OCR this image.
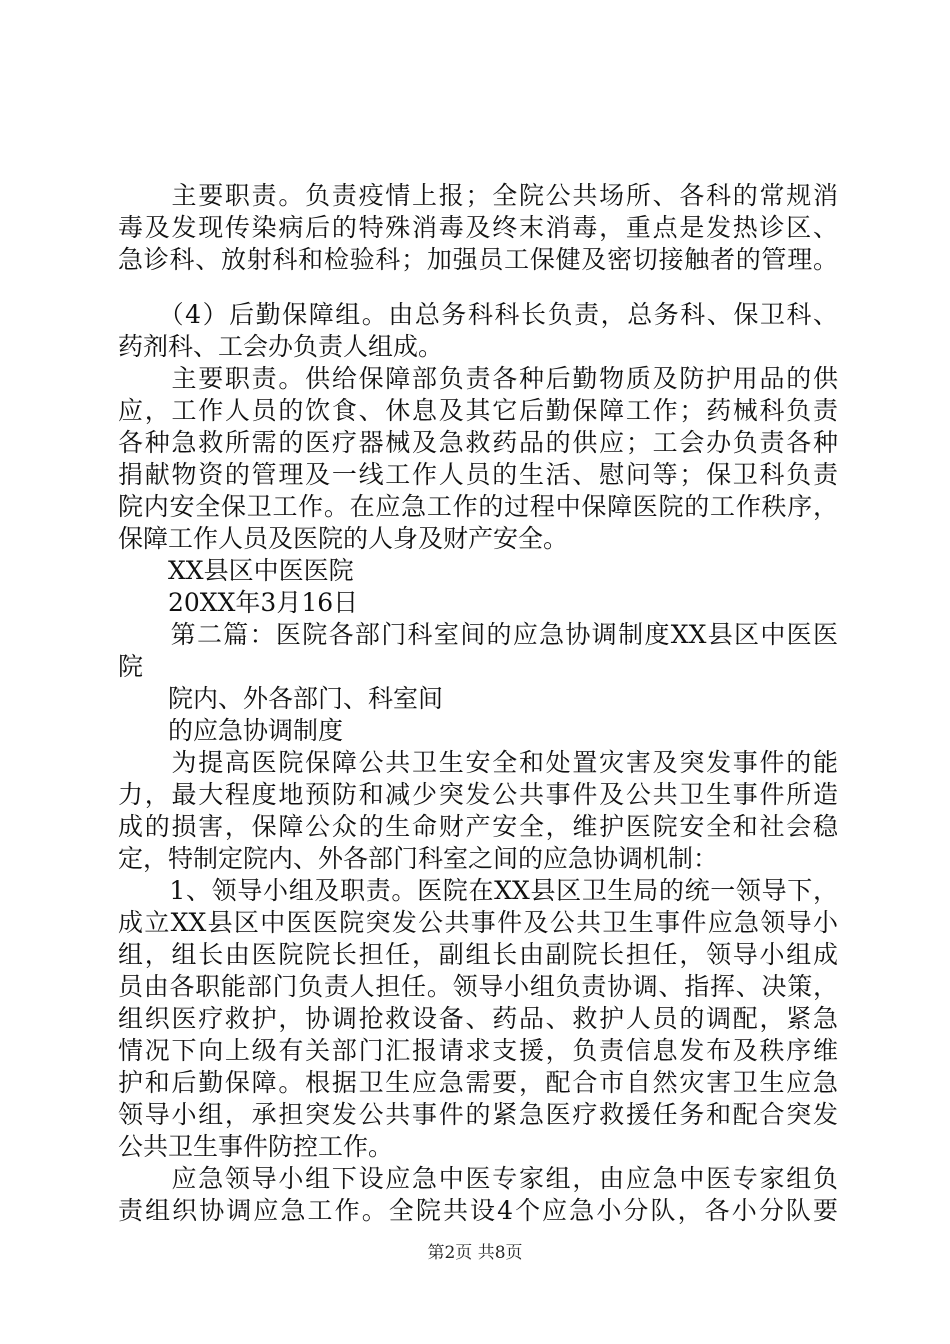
　　主要职责。负责疫情上报；全院公共场所、各科的常规消
毒及发现传染病后的特殊消毒及终末消毒，重点是发热诊区、
急诊科、放射科和检验科；加强员工保健及密切接触者的管理。
　　（4）后勤保障组。由总务科科长负责，总务科、保卫科、
药剂科、工会办负责人组成。
　　主要职责。供给保障部负责各种后勤物质及防护用品的供
应，工作人员的饮食、休息及其它后勤保障工作；药械科负责
各种急救所需的医疗器械及急救药品的供应；工会办负责各种
捐献物资的管理及一线工作人员的生活、慰问等；保卫科负责
院内安全保卫工作。在应急工作的过程中保障医院的工作秩序，
保障工作人员及医院的人身及财产安全。
　　XX县区中医医院
　　20XX年3月16日
　　第二篇：医院各部门科室间的应急协调制度XX县区中医医
院
　　院内、外各部门、科室间
　　的应急协调制度
　　为提高医院保障公共卫生安全和处置灾害及突发事件的能
力，最大程度地预防和减少突发公共事件及公共卫生事件所造
成的损害，保障公众的生命财产安全，维护医院安全和社会稳
定，特制定院内、外各部门科室之间的应急协调机制：
　　1、领导小组及职责。医院在XX县区卫生局的统一领导下，
成立XX县区中医医院突发公共事件及公共卫生事件应急领导小
组，组长由医院院长担任，副组长由副院长担任，领导小组成
员由各职能部门负责人担任。领导小组负责协调、指挥、决策，
组织医疗救护，协调抢救设备、药品、救护人员的调配，紧急
情况下向上级有关部门汇报请求支援，负责信息发布及秩序维
护和后勤保障。根据卫生应急需要，配合市自然灾害卫生应急
领导小组，承担突发公共事件的紧急医疗救援任务和配合突发
公共卫生事件防控工作。
　　应急领导小组下设应急中医专家组，由应急中医专家组负
责组织协调应急工作。全院共设4个应急小分队，各小分队要
第2页 共8页
